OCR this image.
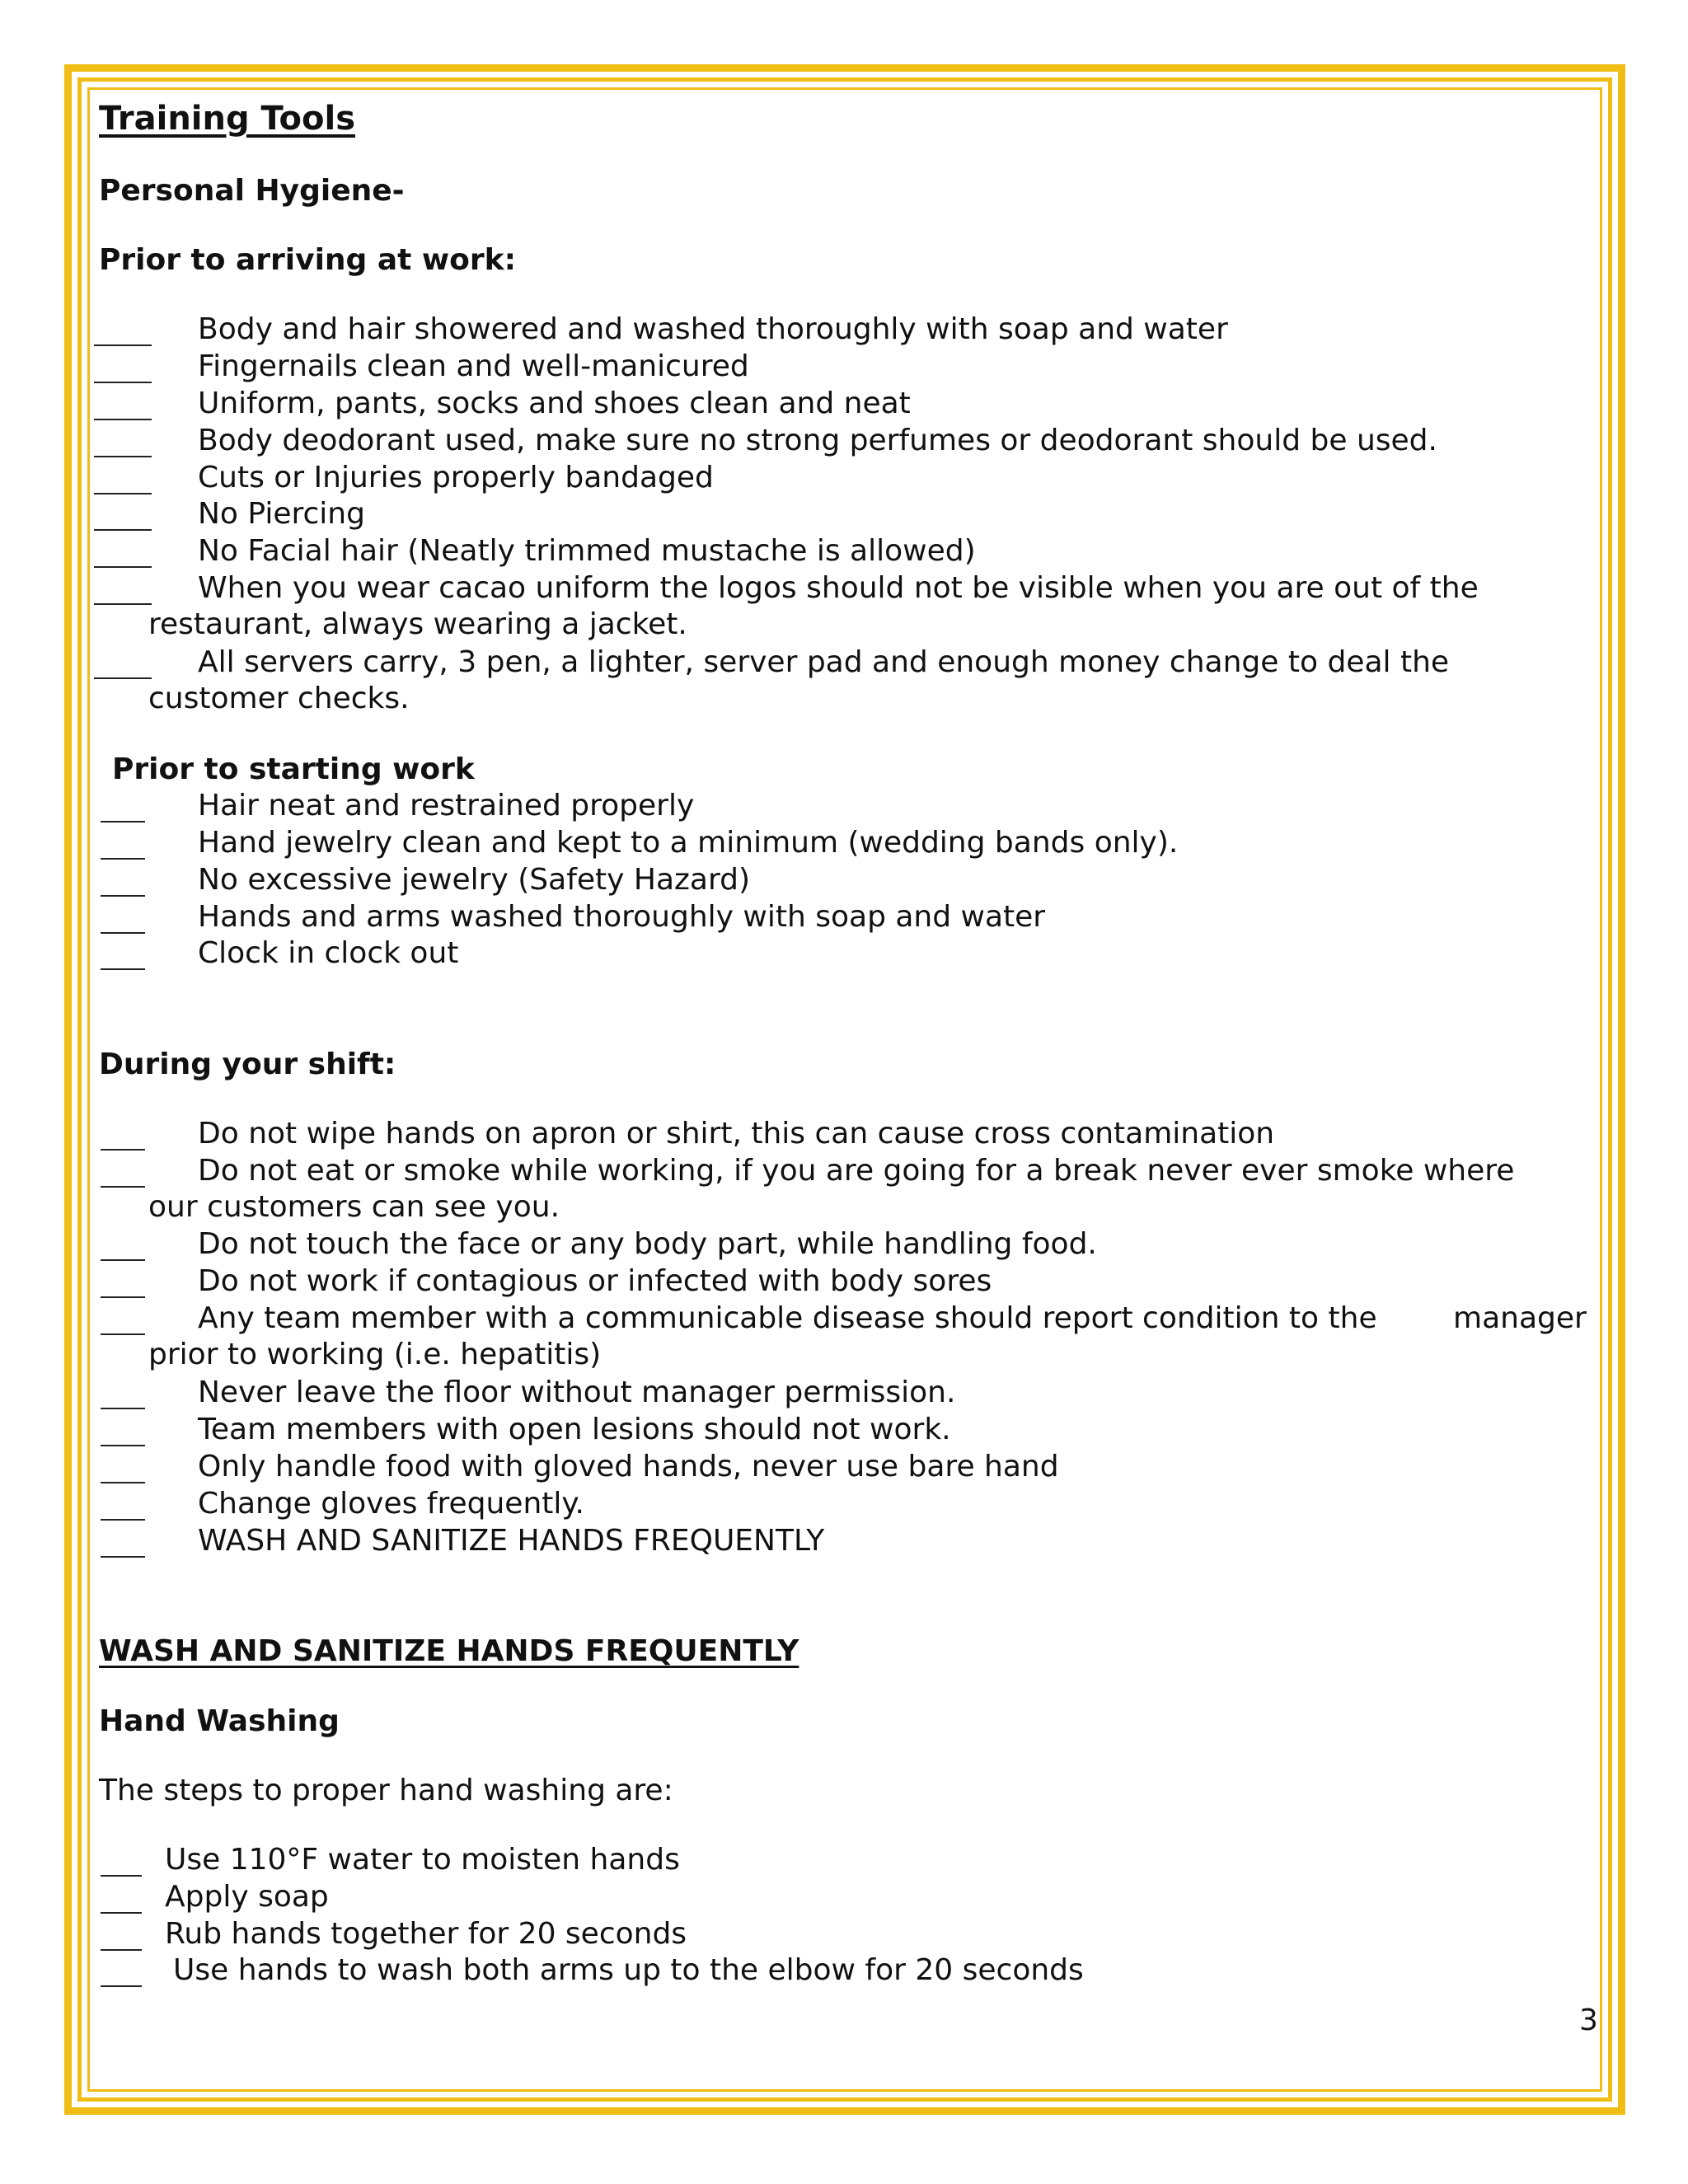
Training Tools
Personal Hygiene-
Prior to arriving at work:
Body and hair showered and washed thoroughly with soap and water
Fingernails clean and well-manicured
Uniform, pants, socks and shoes clean and neat
Body deodorant used, make sure no strong perfumes or deodorant should be used.
Cuts or Injuries properly bandaged
No Piercing
No Facial hair (Neatly trimmed mustache is allowed)
When you wear cacao uniform the logos should not be visible when you are out of the
restaurant, always wearing a jacket.
All servers carry, 3 pen, a lighter, server pad and enough money change to deal the
customer checks.
Prior to starting work
Hair neat and restrained properly
Hand jewelry clean and kept to a minimum (wedding bands only).
No excessive jewelry (Safety Hazard)
Hands and arms washed thoroughly with soap and water
Clock in clock out
During your shift:
Do not wipe hands on apron or shirt, this can cause cross contamination
Do not eat or smoke while working, if you are going for a break never ever smoke where
our customers can see you.
Do not touch the face or any body part, while handling food.
Do not work if contagious or infected with body sores
Any team member with a communicable disease should report condition to the	manager
prior to working (i.e. hepatitis)
Never leave the floor without manager permission.
Team members with open lesions should not work.
Only handle food with gloved hands, never use bare hand
Change gloves frequently.
WASH AND SANITIZE HANDS FREQUENTLY
WASH AND SANITIZE HANDS FREQUENTLY
Hand Washing
The steps to proper hand washing are:
Use 110°F water to moisten hands
Apply soap
Rub hands together for 20 seconds
Use hands to wash both arms up to the elbow for 20 seconds
3
